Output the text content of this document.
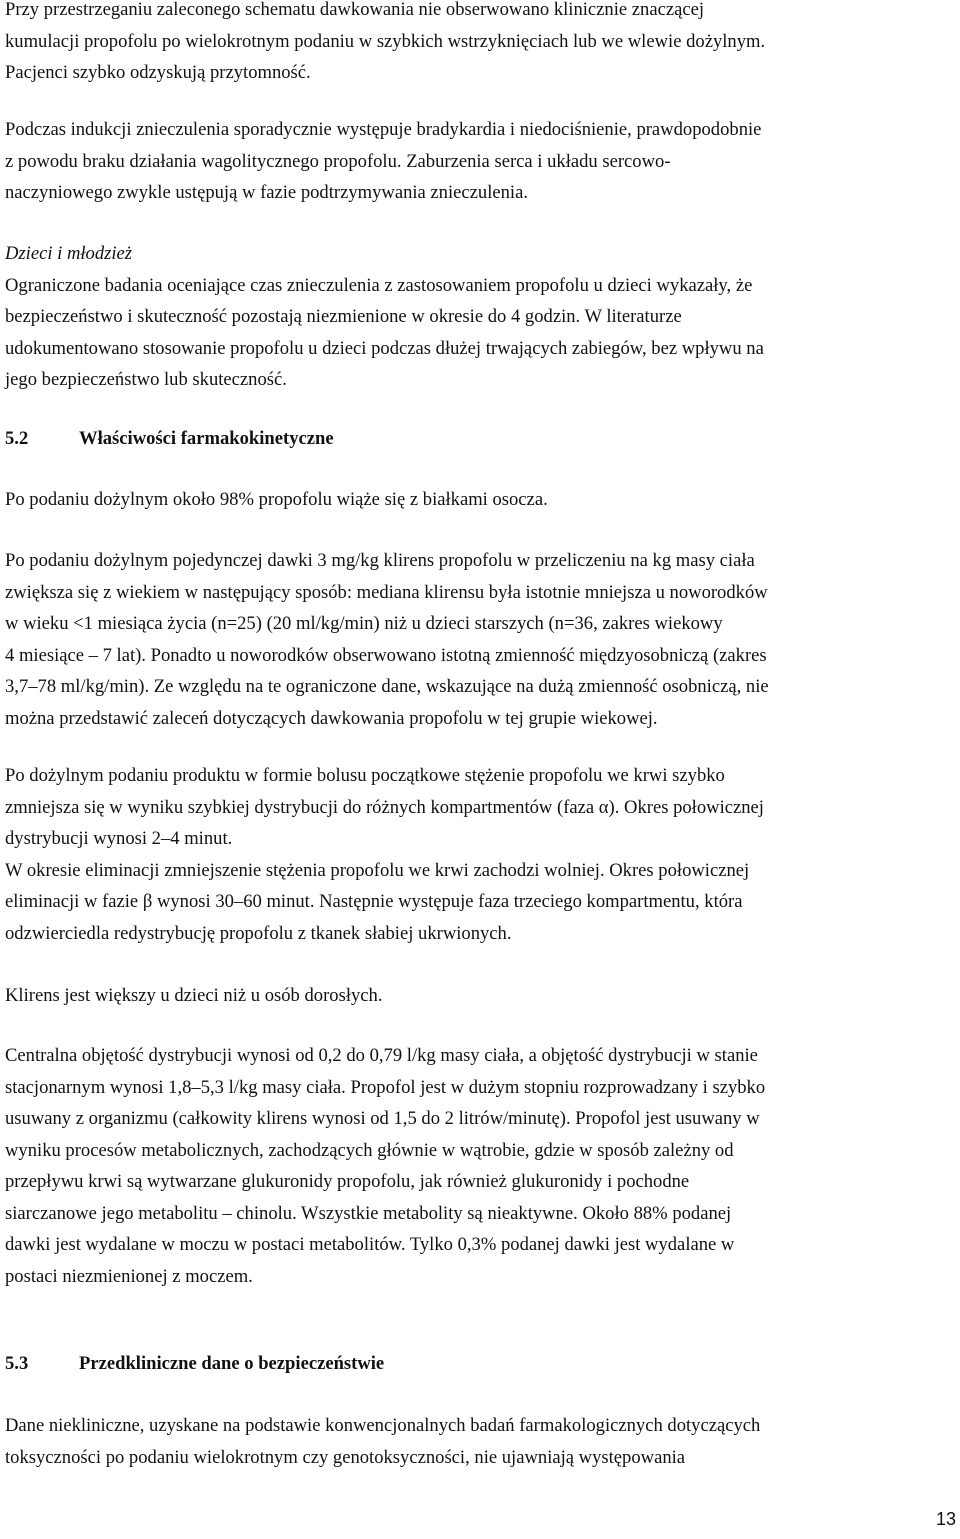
Przy przestrzeganiu zaleconego schematu dawkowania nie obserwowano klinicznie znaczącej
kumulacji propofolu po wielokrotnym podaniu w szybkich wstrzyknięciach lub we wlewie dożylnym.
Pacjenci szybko odzyskują przytomność.
Podczas indukcji znieczulenia sporadycznie występuje bradykardia i niedociśnienie, prawdopodobnie
z powodu braku działania wagolitycznego propofolu. Zaburzenia serca i układu sercowo-
naczyniowego zwykle ustępują w fazie podtrzymywania znieczulenia.
Dzieci i młodzież
Ograniczone badania oceniające czas znieczulenia z zastosowaniem propofolu u dzieci wykazały, że
bezpieczeństwo i skuteczność pozostają niezmienione w okresie do 4 godzin. W literaturze
udokumentowano stosowanie propofolu u dzieci podczas dłużej trwających zabiegów, bez wpływu na
jego bezpieczeństwo lub skuteczność.
5.2	Właściwości farmakokinetyczne
Po podaniu dożylnym około 98% propofolu wiąże się z białkami osocza.
Po podaniu dożylnym pojedynczej dawki 3 mg/kg klirens propofolu w przeliczeniu na kg masy ciała
zwiększa się z wiekiem w następujący sposób: mediana klirensu była istotnie mniejsza u noworodków
w wieku <1 miesiąca życia (n=25) (20 ml/kg/min) niż u dzieci starszych (n=36, zakres wiekowy
4 miesiące – 7 lat). Ponadto u noworodków obserwowano istotną zmienność międzyosobniczą (zakres
3,7–78 ml/kg/min). Ze względu na te ograniczone dane, wskazujące na dużą zmienność osobniczą, nie
można przedstawić zaleceń dotyczących dawkowania propofolu w tej grupie wiekowej.
Po dożylnym podaniu produktu w formie bolusu początkowe stężenie propofolu we krwi szybko
zmniejsza się w wyniku szybkiej dystrybucji do różnych kompartmentów (faza α). Okres połowicznej
dystrybucji wynosi 2–4 minut.
W okresie eliminacji zmniejszenie stężenia propofolu we krwi zachodzi wolniej. Okres połowicznej
eliminacji w fazie β wynosi 30–60 minut. Następnie występuje faza trzeciego kompartmentu, która
odzwierciedla redystrybucję propofolu z tkanek słabiej ukrwionych.
Klirens jest większy u dzieci niż u osób dorosłych.
Centralna objętość dystrybucji wynosi od 0,2 do 0,79 l/kg masy ciała, a objętość dystrybucji w stanie
stacjonarnym wynosi 1,8–5,3 l/kg masy ciała. Propofol jest w dużym stopniu rozprowadzany i szybko
usuwany z organizmu (całkowity klirens wynosi od 1,5 do 2 litrów/minutę). Propofol jest usuwany w
wyniku procesów metabolicznych, zachodzących głównie w wątrobie, gdzie w sposób zależny od
przepływu krwi są wytwarzane glukuronidy propofolu, jak również glukuronidy i pochodne
siarczanowe jego metabolitu – chinolu. Wszystkie metabolity są nieaktywne. Około 88% podanej
dawki jest wydalane w moczu w postaci metabolitów. Tylko 0,3% podanej dawki jest wydalane w
postaci niezmienionej z moczem.
5.3	Przedkliniczne dane o bezpieczeństwie
Dane niekliniczne, uzyskane na podstawie konwencjonalnych badań farmakologicznych dotyczących
toksyczności po podaniu wielokrotnym czy genotoksyczności, nie ujawniają występowania
13
